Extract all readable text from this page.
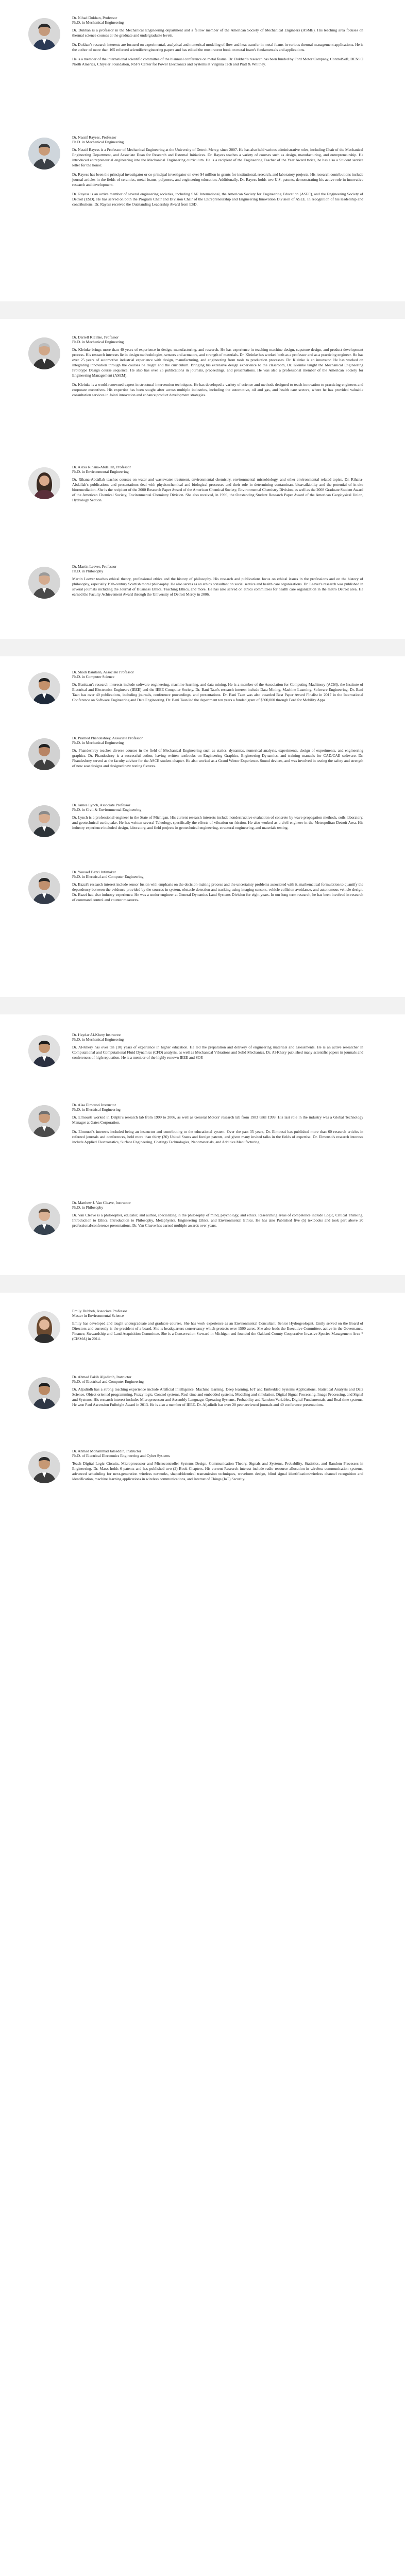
Dr. Nihad Dukhan, Professor

Ph.D. in Mechanical Engineering

Dr. Dukhan is a professor in the Mechanical Engineering department and a fellow member of the American Society of Mechanical Engineers (ASME). His teaching area focuses on thermal science courses at the graduate and undergraduate levels.

Dr. Dukhan's research interests are focused on experimental, analytical and numerical modeling of flow and heat transfer in metal foams in various thermal management applications. He is the author of more than 165 refereed scientific/engineering papers and has edited the most recent book on metal foam's fundamentals and applications.

He is a member of the international scientific committee of the biannual conference on metal foams. Dr. Dukhan's research has been funded by Ford Motor Company, ControlSoft, DENSO North America, Chrysler Foundation, NSF's Center for Power Electronics and Systems at Virginia Tech and Pratt & Whitney.

Dr. Nassif Rayess, Professor

Ph.D. in Mechanical Engineering

Dr. Nassif Rayess is a Professor of Mechanical Engineering at the University of Detroit Mercy, since 2007. He has also held various administrative roles, including Chair of the Mechanical Engineering Department, and Associate Dean for Research and External Initiatives. Dr. Rayess teaches a variety of courses such as design, manufacturing, and entrepreneurship. He introduced entrepreneurial engineering into the Mechanical Engineering curriculum. He is a recipient of the Engineering Teacher of the Year Award twice, he has also a Student service letter for the honor.

Dr. Rayess has been the principal investigator or co-principal investigator on over $4 million in grants for institutional, research, and laboratory projects. His research contributions include journal articles in the fields of ceramics, metal foams, polymers, and engineering education. Additionally, Dr. Rayess holds two U.S. patents, demonstrating his active role in innovative research and development.

Dr. Rayess is an active member of several engineering societies, including SAE International, the American Society for Engineering Education (ASEE), and the Engineering Society of Detroit (ESD). He has served on both the Program Chair and Division Chair of the Entrepreneurship and Engineering Innovation Division of ASEE. In recognition of his leadership and contributions, Dr. Rayess received the Outstanding Leadership Award from ESD.

Dr. Darrell Kleinke, Professor

Ph.D. in Mechanical Engineering

Dr. Kleinke brings more than 40 years of experience in design, manufacturing, and research. He has experience in teaching machine design, capstone design, and product development process. His research interests lie in design methodologies, sensors and actuators, and strength of materials. Dr. Kleinke has worked both as a professor and as a practicing engineer. He has over 25 years of automotive industrial experience with design, manufacturing, and engineering from tools to production processes. Dr. Kleinke is an innovator. He has worked on integrating innovation through the courses he taught and the curriculum. Bringing his extensive design experience to the classroom, Dr. Kleinke taught the Mechanical Engineering Prototype Design course sequence. He also has over 25 publications in journals, proceedings, and presentations. He was also a professional member of the American Society for Engineering Management (ASEM).

Dr. Kleinke is a world-renowned expert in structural intervention techniques. He has developed a variety of science and methods designed to teach innovation to practicing engineers and corporate executives. His expertise has been sought after across multiple industries, including the automotive, oil and gas, and health care sectors, where he has provided valuable consultation services in Jointi innovation and enhance product development strategies.

Dr. Alexa Rihana-Abdallah, Professor

Ph.D. in Environmental Engineering

Dr. Rihana-Abdallah teaches courses on water and wastewater treatment, environmental chemistry, environmental microbiology, and other environmental related topics. Dr. Rihana-Abdallah's publications and presentations deal with physicochemical and biological processes and their role in determining contaminant bioavailability and the potential of in-situ bioremediation. She is the recipient of the 2000 Research Paper Award of the American Chemical Society, Environmental Chemistry Division, as well as the 2008 Graduate Student Award of the American Chemical Society, Environmental Chemistry Division. She also received, in 1996, the Outstanding Student Research Paper Award of the American Geophysical Union, Hydrology Section.

Dr. Martin Leever, Professor

Ph.D. in Philosophy

Martin Leever teaches ethical theory, professional ethics and the history of philosophy. His research and publications focus on ethical issues in the professions and on the history of philosophy, especially 19th-century Scottish moral philosophy. He also serves as an ethics consultant on social service and health care organizations. Dr. Leever's research was published in several journals including the Journal of Business Ethics, Teaching Ethics, and more. He has also served on ethics committees for health care organization in the metro Detroit area. He earned the Faculty Achievement Award through the University of Detroit Mercy in 2006.

Dr. Shadi Banitaan, Associate Professor

Ph.D. in Computer Science

Dr. Banitaan's research interests include software engineering, machine learning, and data mining. He is a member of the Association for Computing Machinery (ACM), the Institute of Electrical and Electronics Engineers (IEEE) and the IEEE Computer Society. Dr. Bani Taan's research interest include Data Mining, Machine Learning, Software Engineering. Dr. Bani Taan has over 40 publications, including journals, conference proceedings, and presentations. Dr. Bani Taan was also awarded Best Paper Award Finalist in 2017 in the International Conference on Software Engineering and Data Engineering. Dr. Bani Taan led the department ten years a funded grant of $300,000 through Ford for Mobility Apps.

Dr. Pramod Phandeshrey, Associate Professor

Ph.D. in Mechanical Engineering

Dr. Phandeshrey teaches diverse courses in the field of Mechanical Engineering such as statics, dynamics, numerical analysis, experiments, design of experiments, and engineering graphics. Dr. Phandeshrey is a successful author, having written textbooks on Engineering Graphics, Engineering Dynamics, and training manuals for CAD/CAE software. Dr. Phandeshrey served as the faculty advisor for the ASCE student chapter. He also worked as a Grand Winter Experience. Sound devices, and was involved in testing the safety and strength of new seat designs and designed new testing fixtures.

Dr. James Lynch, Associate Professor

Ph.D. in Civil & Environmental Engineering

Dr. Lynch is a professional engineer in the State of Michigan. His current research interests include nondestructive evaluation of concrete by wave propagation methods, soils laboratory, and geotechnical earthquake. He has written several Teleology, specifically the effects of vibration on friction. He also worked as a civil engineer in the Metropolitan Detroit Area. His industry experience included design, laboratory, and field projects in geotechnical engineering, structural engineering, and materials testing.

Dr. Youssef Bazzi Intimaker

Ph.D. in Electrical and Computer Engineering

Dr. Bazzi's research interest include sensor fusion with emphasis on the decision-making process and the uncertainty problems associated with it, mathematical formulation to quantify the dependency between the evidence provided by the sources in system, obstacle detection and tracking using imaging sensors, vehicle collision avoidance, and autonomous vehicle design. Dr. Bazzi had also industry experience. He was a senior engineer at General Dynamics Land Systems Division for eight years. In our long term research, he has been involved in research of command control and counter measures.

Dr. Haydar Al-Khery Instructor

Ph.D. in Mechanical Engineering

Dr. Al-Khery has over ten (10) years of experience in higher education. He led the preparation and delivery of engineering materials and assessments. He is an active researcher in Computational and Computational Fluid Dynamics (CFD) analysis, as well as Mechanical Vibrations and Solid Mechanics. Dr. Al-Khery published many scientific papers in journals and conferences of high reputation. He is a member of the highly renown IEEE and SOP.

Dr. Alaa Elmousti Instructor

Ph.D. in Electrical Engineering

Dr. Elmousti worked in Delphi's research lab from 1999 to 2006, as well as General Motors' research lab from 1983 until 1999. His last role in the industry was a Global Technology Manager at Gates Corporation.

Dr. Elmousti's interests included being an instructor and contributing to the educational system. Over the past 35 years, Dr. Elmousti has published more than 60 research articles in refereed journals and conferences, held more than thirty (30) United States and foreign patents, and given many invited talks in the fields of expertise. Dr. Elmousti's research interests include Applied Electrostatics, Surface Engineering, Coatings Technologies, Nanomaterials, and Additive Manufacturing.

Dr. Matthew J. Van Cleave, Instructor

Ph.D. in Philosophy

Dr. Van Cleave is a philosopher, educator, and author, specializing in the philosophy of mind, psychology, and ethics. Researching areas of competence include Logic, Critical Thinking, Introduction to Ethics, Introduction to Philosophy, Metaphysics, Engineering Ethics, and Environmental Ethics. He has also Published five (5) textbooks and took part above 20 professional/conference presentations. Dr. Van Cleave has earned multiple awards over years.

Emily Dubbeh, Associate Professor

Master in Environmental Science

Emily has developed and taught undergraduate and graduate courses. She has work experience as an Environmental Consultant, Senior Hydrogeologist. Emily served on the Board of Directors and currently is the president of a board. She is headquarters conservancy which protects over 1500 acres. She also leads the Executive Committee, active in the Governance, Finance, Stewardship and Land Acquisition Committee. She is a Conservation Steward in Michigan and founded the Oakland County Cooperative Invasive Species Management Area *(CISMA) in 2014.

Dr. Ahmad Fakih Aljadirdh, Instructor

Ph.D. of Electrical and Computer Engineering

Dr. Aljadirdh has a strong teaching experience include Artificial Intelligence, Machine learning, Deep learning, IoT and Embedded Systems Applications, Statistical Analysis and Data Science, Object oriented programming, Fuzzy logic, Control systems, Real-time and embedded systems, Modeling and simulation, Digital Signal Processing, Image Processing, and Signal and Systems. His research interest includes Microprocessor and Assembly Language, Operating Systems, Probability and Random Variables, Digital Fundamentals, and Real-time systems. He won Paul Ascension Fulbright Award in 2013. He is also a member of IEEE. Dr. Aljadirdh has over 20 peer-reviewed journals and 40 conference presentations.

Dr. Ahmad Mohammad Jalaeddin, Instructor

Ph.D. of Electrical Electronics Engineering and Cyber Systems

Teach Digital Logic Circuits, Microprocessor and Microcontroller Systems Design, Communication Theory, Signals and Systems, Probability, Statistics, and Random Processes in Engineering. Dr. Maxx holds 6 patents and has published two (2) Book Chapters. His current Research interest include radio resource allocation in wireless communication systems, advanced scheduling for next-generation wireless networks, shaped/identical transmission techniques, waveform design, blind signal identification/wireless channel recognition and identification, machine learning applications in wireless communications, and Internet of Things (IoT) Security.
